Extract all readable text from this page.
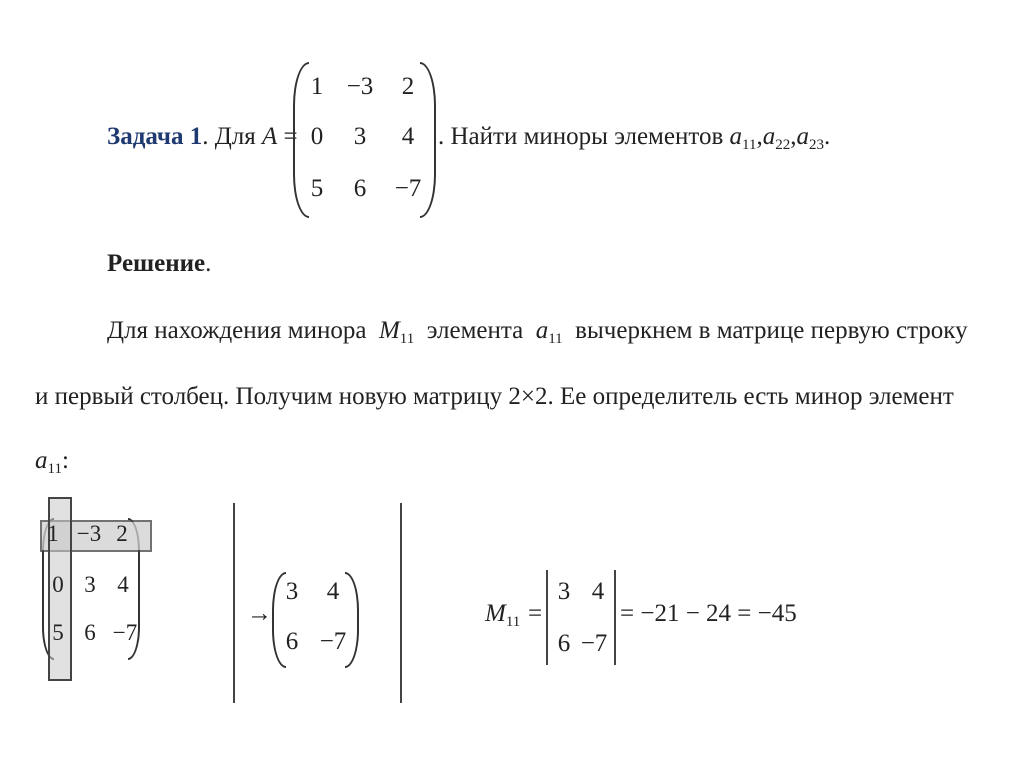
Задача 1. Для A =
1 −3	2
0	3	4
5	6	−7
. Найти миноры элементов $a_{11},a_{22},a_{23}$.
Решение.
Для нахождения минора $M_{11}$ элемента $a_{11}$ вычеркнем в матрице первую строку
и первый столбец. Получим новую матрицу 2×2. Ее определитель есть минор элемент
$a_{11}$:
1 −3 2
0 3 4
5 6 −7
→
3	4
6 −7
$M_{11}$ =
3 4
6 −7
= −21 − 24 = −45
